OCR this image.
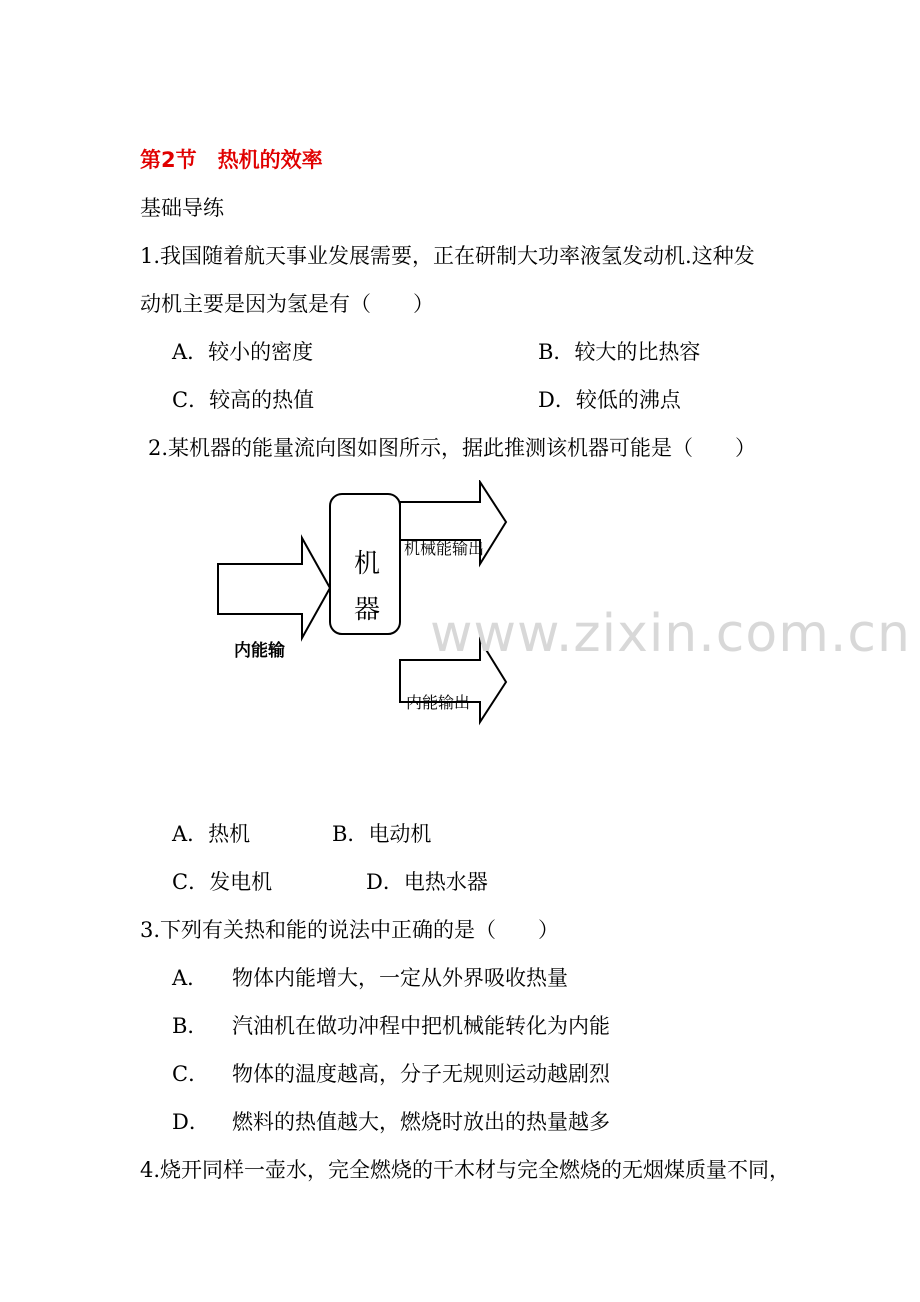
第2节　热机的效率
基础导练
1.我国随着航天事业发展需要，正在研制大功率液氢发动机.这种发
动机主要是因为氢是有（　　）
A．较小的密度	B．较大的比热容
C．较高的热值	D．较低的沸点
2.某机器的能量流向图如图所示，据此推测该机器可能是（　　）
机
器
机械能输出
内能输出
内能输	www.zixin.com.cn
A．热机	B．电动机
C．发电机	D．电热水器
3.下列有关热和能的说法中正确的是（　　）
A． 物体内能增大，一定从外界吸收热量
B． 汽油机在做功冲程中把机械能转化为内能
C． 物体的温度越高，分子无规则运动越剧烈
D． 燃料的热值越大，燃烧时放出的热量越多
4.烧开同样一壶水，完全燃烧的干木材与完全燃烧的无烟煤质量不同，
